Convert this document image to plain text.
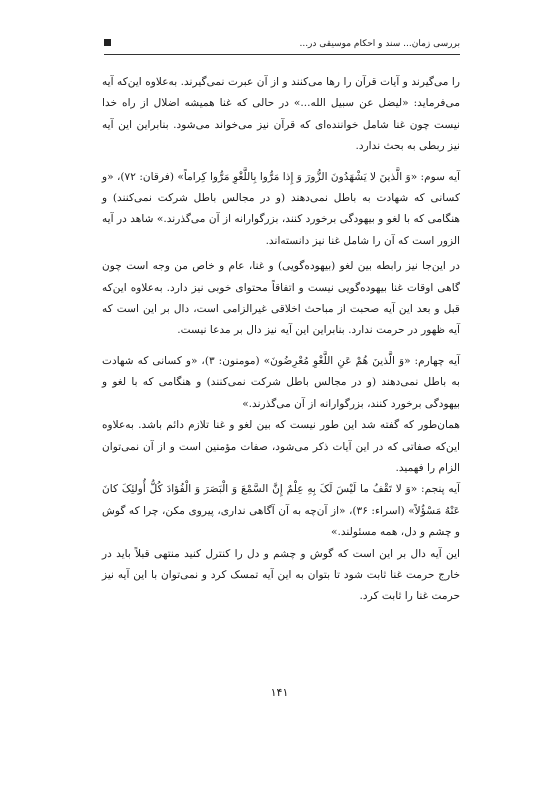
بررسی زمان... سند و احکام موسیقی در...

را می‌گیرند و آیات قرآن را رها می‌کنند و از آن عبرت نمی‌گیرند. به‌علاوه این‌که آیه می‌فرماید: «لیضل عن سبیل الله...» در حالی که غنا همیشه اضلال از راه خدا نیست چون غنا شامل خواننده‌ای که قرآن نیز می‌خواند می‌شود. بنابراین این آیه نیز ربطی به بحث ندارد.

آیه سوم: «وَ الَّذینَ لا یَشْهَدُونَ الزُّورَ وَ إِذا مَرُّوا بِاللَّغْوِ مَرُّوا کِراماً» (فرقان: ۷۲)، «و کسانی که شهادت به باطل نمی‌دهند (و در مجالس باطل شرکت نمی‌کنند) و هنگامی که با لغو و بیهودگی برخورد کنند، بزرگوارانه از آن می‌گذرند.» شاهد در آیه الزور است که آن را شامل غنا نیز دانسته‌اند.

در این‌جا نیز رابطه بین لغو (بیهوده‌گویی) و غنا، عام و خاص من وجه است چون گاهی اوقات غنا بیهوده‌گویی نیست و اتفاقاً محتوای خوبی نیز دارد. به‌علاوه این‌که قبل و بعد این آیه صحبت از مباحث اخلاقی غیرالزامی است، دال بر این است که آیه ظهور در حرمت ندارد. بنابراین این آیه نیز دال بر مدعا نیست.

آیه چهارم: «وَ الَّذینَ هُمْ عَنِ اللَّغْوِ مُعْرِضُونَ» (مومنون: ۳)، «و کسانی که شهادت به باطل نمی‌دهند (و در مجالس باطل شرکت نمی‌کنند) و هنگامی که با لغو و بیهودگی برخورد کنند، بزرگوارانه از آن می‌گذرند.»

همان‌طور که گفته شد این طور نیست که بین لغو و غنا تلازم دائم باشد. به‌علاوه این‌که صفاتی که در این آیات ذکر می‌شود، صفات مؤمنین است و از آن نمی‌توان الزام را فهمید.

آیه پنجم: «وَ لا تَقْفُ ما لَیْسَ لَکَ بِهِ عِلْمٌ إِنَّ السَّمْعَ وَ الْبَصَرَ وَ الْفُؤادَ کُلُّ أُولئِکَ کانَ عَنْهُ مَسْؤُلاً» (اسراء: ۳۶)، «از آن‌چه به آن آگاهی نداری، پیروی مکن، چرا که گوش و چشم و دل، همه مسئولند.»

این آیه دال بر این است که گوش و چشم و دل را کنترل کنید منتهی قبلاً باید در خارج حرمت غنا ثابت شود تا بتوان به این آیه تمسک کرد و نمی‌توان با این آیه نیز حرمت غنا را ثابت کرد.

۱۴۱
